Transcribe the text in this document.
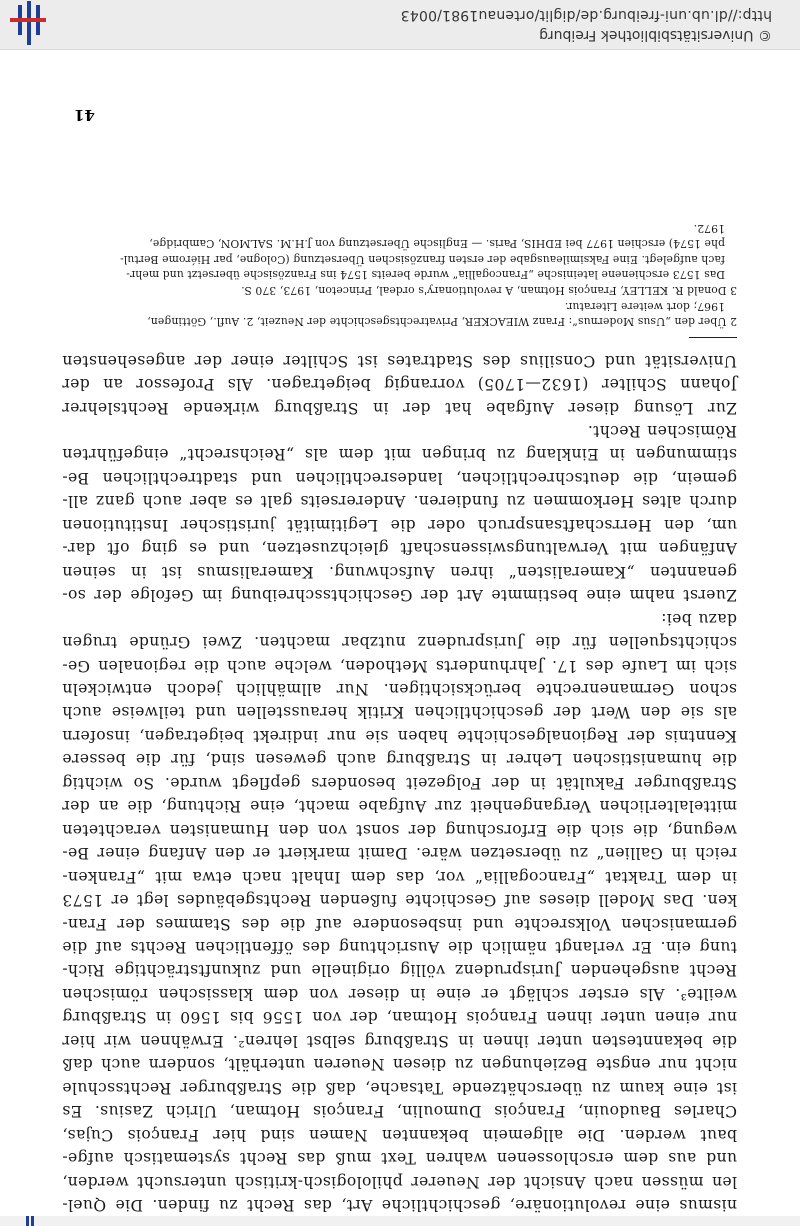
nismus eine revolutionäre, geschichtliche Art, das Recht zu finden. Die Quel-
len müssen nach Ansicht der Neuerer philologisch-kritisch untersucht werden,
und aus dem erschlossenen wahren Text muß das Recht systematisch aufge-
baut werden. Die allgemein bekannten Namen sind hier François Cujas,
Charles Baudouin, François Dumoulin, François Hotman, Ulrich Zasius. Es
ist eine kaum zu überschätzende Tatsache, daß die Straßburger Rechtsschule
nicht nur engste Beziehungen zu diesen Neueren unterhält, sondern auch daß
die bekanntesten unter ihnen in Straßburg selbst lehren². Erwähnen wir hier
nur einen unter ihnen François Hotman, der von 1556 bis 1560 in Straßburg
weilte³. Als erster schlägt er eine in dieser von dem klassischen römischen
Recht ausgehenden Jurisprudenz völlig originelle und zukunftsträchtige Rich-
tung ein. Er verlangt nämlich die Ausrichtung des öffentlichen Rechts auf die
germanischen Volksrechte und insbesondere auf die des Stammes der Fran-
ken. Das Modell dieses auf Geschichte fußenden Rechtsgebäudes legt er 1573
in dem Traktat „Francogallia“ vor, das dem Inhalt nach etwa mit „Franken-
reich in Gallien“ zu übersetzen wäre. Damit markiert er den Anfang einer Be-
wegung, die sich die Erforschung der sonst von den Humanisten verachteten
mittelalterlichen Vergangenheit zur Aufgabe macht, eine Richtung, die an der
Straßburger Fakultät in der Folgezeit besonders gepflegt wurde. So wichtig
die humanistischen Lehrer in Straßburg auch gewesen sind, für die bessere
Kenntnis der Regionalgeschichte haben sie nur indirekt beigetragen, insofern
als sie den Wert der geschichtlichen Kritik herausstellen und teilweise auch
schon Germanenrechte berücksichtigen. Nur allmählich jedoch entwickeln
sich im Laufe des 17. Jahrhunderts Methoden, welche auch die regionalen Ge-
schichtsquellen für die Jurisprudenz nutzbar machten. Zwei Gründe trugen
dazu bei:
Zuerst nahm eine bestimmte Art der Geschichtsschreibung im Gefolge der so-
genannten „Kameralisten“ ihren Aufschwung. Kameralismus ist in seinen
Anfängen mit Verwaltungswissenschaft gleichzusetzen, und es ging oft dar-
um, den Herrschaftsanspruch oder die Legitimität juristischer Institutionen
durch altes Herkommen zu fundieren. Andererseits galt es aber auch ganz all-
gemein, die deutschrechtlichen, landesrechtlichen und stadtrechtlichen Be-
stimmungen in Einklang zu bringen mit dem als „Reichsrecht“ eingeführten
Römischen Recht.
Zur Lösung dieser Aufgabe hat der in Straßburg wirkende Rechtslehrer
Johann Schilter (1632—1705) vorrangig beigetragen. Als Professor an der
Universität und Consilius des Stadtrates ist Schilter einer der angesehensten
2 Über den „Usus Modernus“: Franz WIEACKER, Privatrechtsgeschichte der Neuzeit, 2. Aufl., Göttingen,
1967; dort weitere Literatur.
3 Donald R. KELLEY, François Hotman, A revolutionary's ordeal, Princeton, 1973, 370 S.
Das 1573 erschienene lateinische „Francogallia“ wurde bereits 1574 ins Französische übersetzt und mehr-
fach aufgelegt. Eine Faksimileausgabe der ersten französischen Übersetzung (Cologne, par Hiérome Bertul-
phe 1574) erschien 1977 bei EDHIS, Paris. — Englische Übersetzung von J.H.M. SALMON, Cambridge,
1972.
41
http://dl.ub.uni-freiburg.de/diglit/ortenau1981/0043
© Universitätsbibliothek Freiburg
